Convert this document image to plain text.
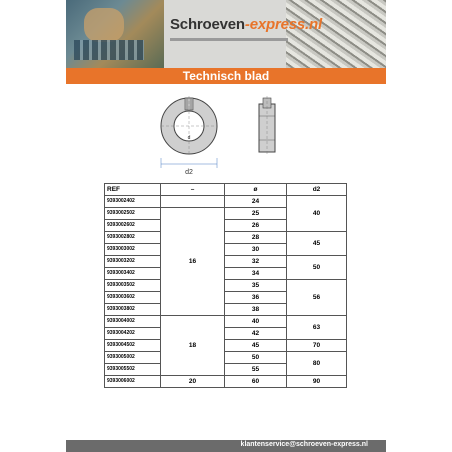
Schroeven-express.nl
Technisch blad
d2
d
REF	–	ø	d2
9393002402		24	40
9393002502	16	25	
9393002602		26	
9393002802		28	45
9393003002		30	
9393003202		32	50
9393003402		34	
9393003502		35	56
9393003602		36	
9393003802		38	
9393004002	18	40	63
9393004202		42	
9393004502		45	70
9393005002		50	80
9393005502		55	
9393006002	20	60	90
klantenservice@schroeven-express.nl
